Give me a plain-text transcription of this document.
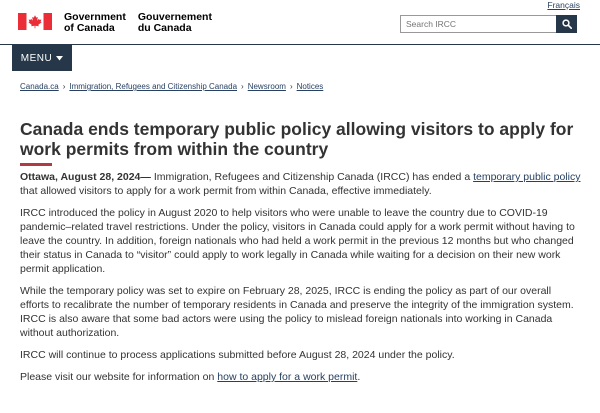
Government
of Canada
Gouvernement
du Canada
Français
Search IRCC
MENU
Canada.ca › Immigration, Refugees and Citizenship Canada › Newsroom › Notices
Canada ends temporary public policy allowing visitors to apply for work permits from within the country

Ottawa, August 28, 2024— Immigration, Refugees and Citizenship Canada (IRCC) has ended a temporary public policy that allowed visitors to apply for a work permit from within Canada, effective immediately.

IRCC introduced the policy in August 2020 to help visitors who were unable to leave the country due to COVID-19 pandemic–related travel restrictions. Under the policy, visitors in Canada could apply for a work permit without having to leave the country. In addition, foreign nationals who had held a work permit in the previous 12 months but who changed their status in Canada to “visitor” could apply to work legally in Canada while waiting for a decision on their new work permit application.

While the temporary policy was set to expire on February 28, 2025, IRCC is ending the policy as part of our overall efforts to recalibrate the number of temporary residents in Canada and preserve the integrity of the immigration system. IRCC is also aware that some bad actors were using the policy to mislead foreign nationals into working in Canada without authorization.

IRCC will continue to process applications submitted before August 28, 2024 under the policy.

Please visit our website for information on how to apply for a work permit.
